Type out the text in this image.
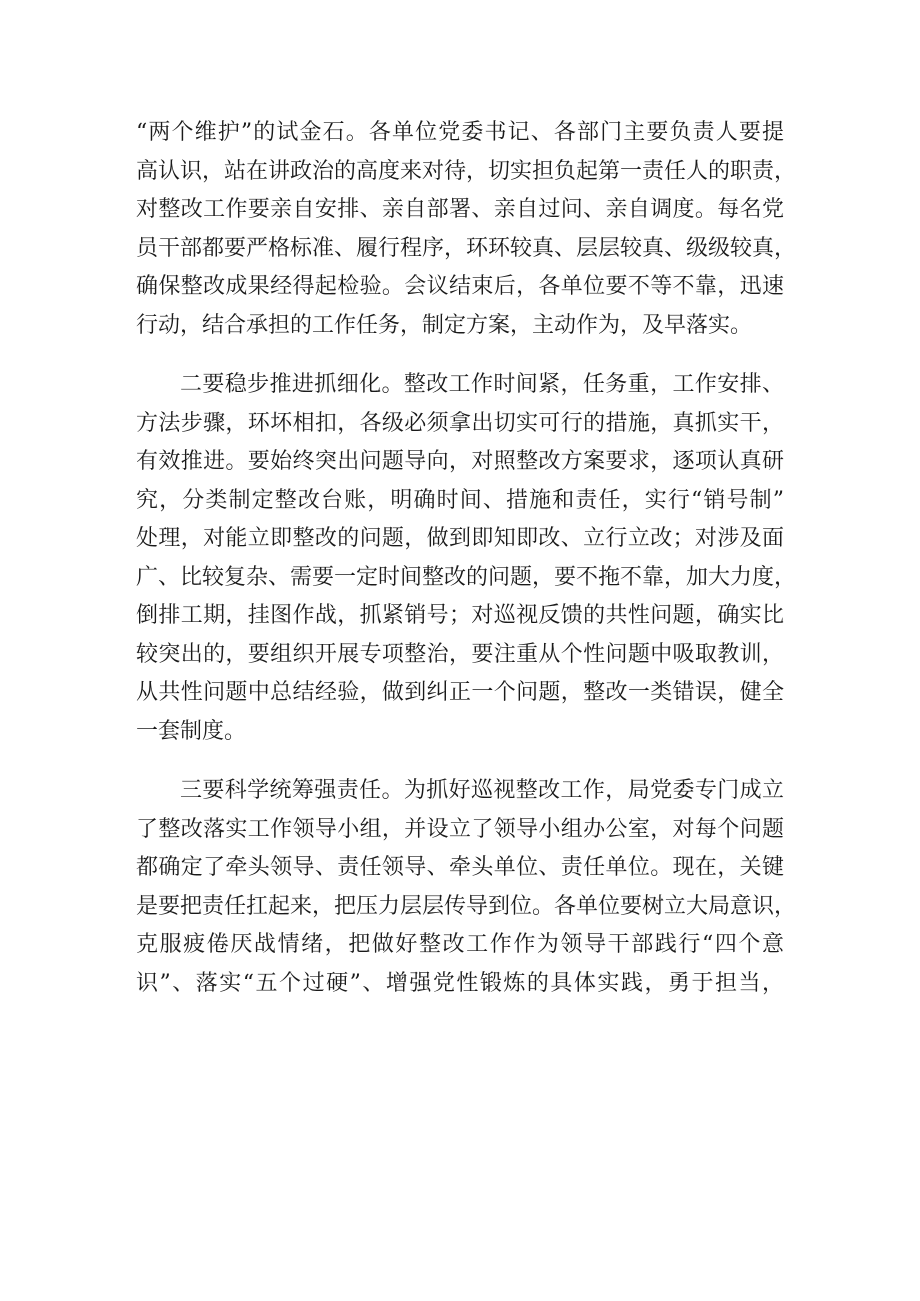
“两个维护”的试金石。各单位党委书记、各部门主要负责人要提
高认识，站在讲政治的高度来对待，切实担负起第一责任人的职责，
对整改工作要亲自安排、亲自部署、亲自过问、亲自调度。每名党
员干部都要严格标准、履行程序，环环较真、层层较真、级级较真，
确保整改成果经得起检验。会议结束后，各单位要不等不靠，迅速
行动，结合承担的工作任务，制定方案，主动作为，及早落实。

二要稳步推进抓细化。整改工作时间紧，任务重，工作安排、
方法步骤，环坏相扣，各级必须拿出切实可行的措施，真抓实干，
有效推进。要始终突出问题导向，对照整改方案要求，逐项认真研
究，分类制定整改台账，明确时间、措施和责任，实行“销号制”
处理，对能立即整改的问题，做到即知即改、立行立改；对涉及面
广、比较复杂、需要一定时间整改的问题，要不拖不靠，加大力度，
倒排工期，挂图作战，抓紧销号；对巡视反馈的共性问题，确实比
较突出的，要组织开展专项整治，要注重从个性问题中吸取教训，
从共性问题中总结经验，做到纠正一个问题，整改一类错误，健全
一套制度。

三要科学统筹强责任。为抓好巡视整改工作，局党委专门成立
了整改落实工作领导小组，并设立了领导小组办公室，对每个问题
都确定了牵头领导、责任领导、牵头单位、责任单位。现在，关键
是要把责任扛起来，把压力层层传导到位。各单位要树立大局意识，
克服疲倦厌战情绪，把做好整改工作作为领导干部践行“四个意
识”、落实“五个过硬”、增强党性锻炼的具体实践，勇于担当，
